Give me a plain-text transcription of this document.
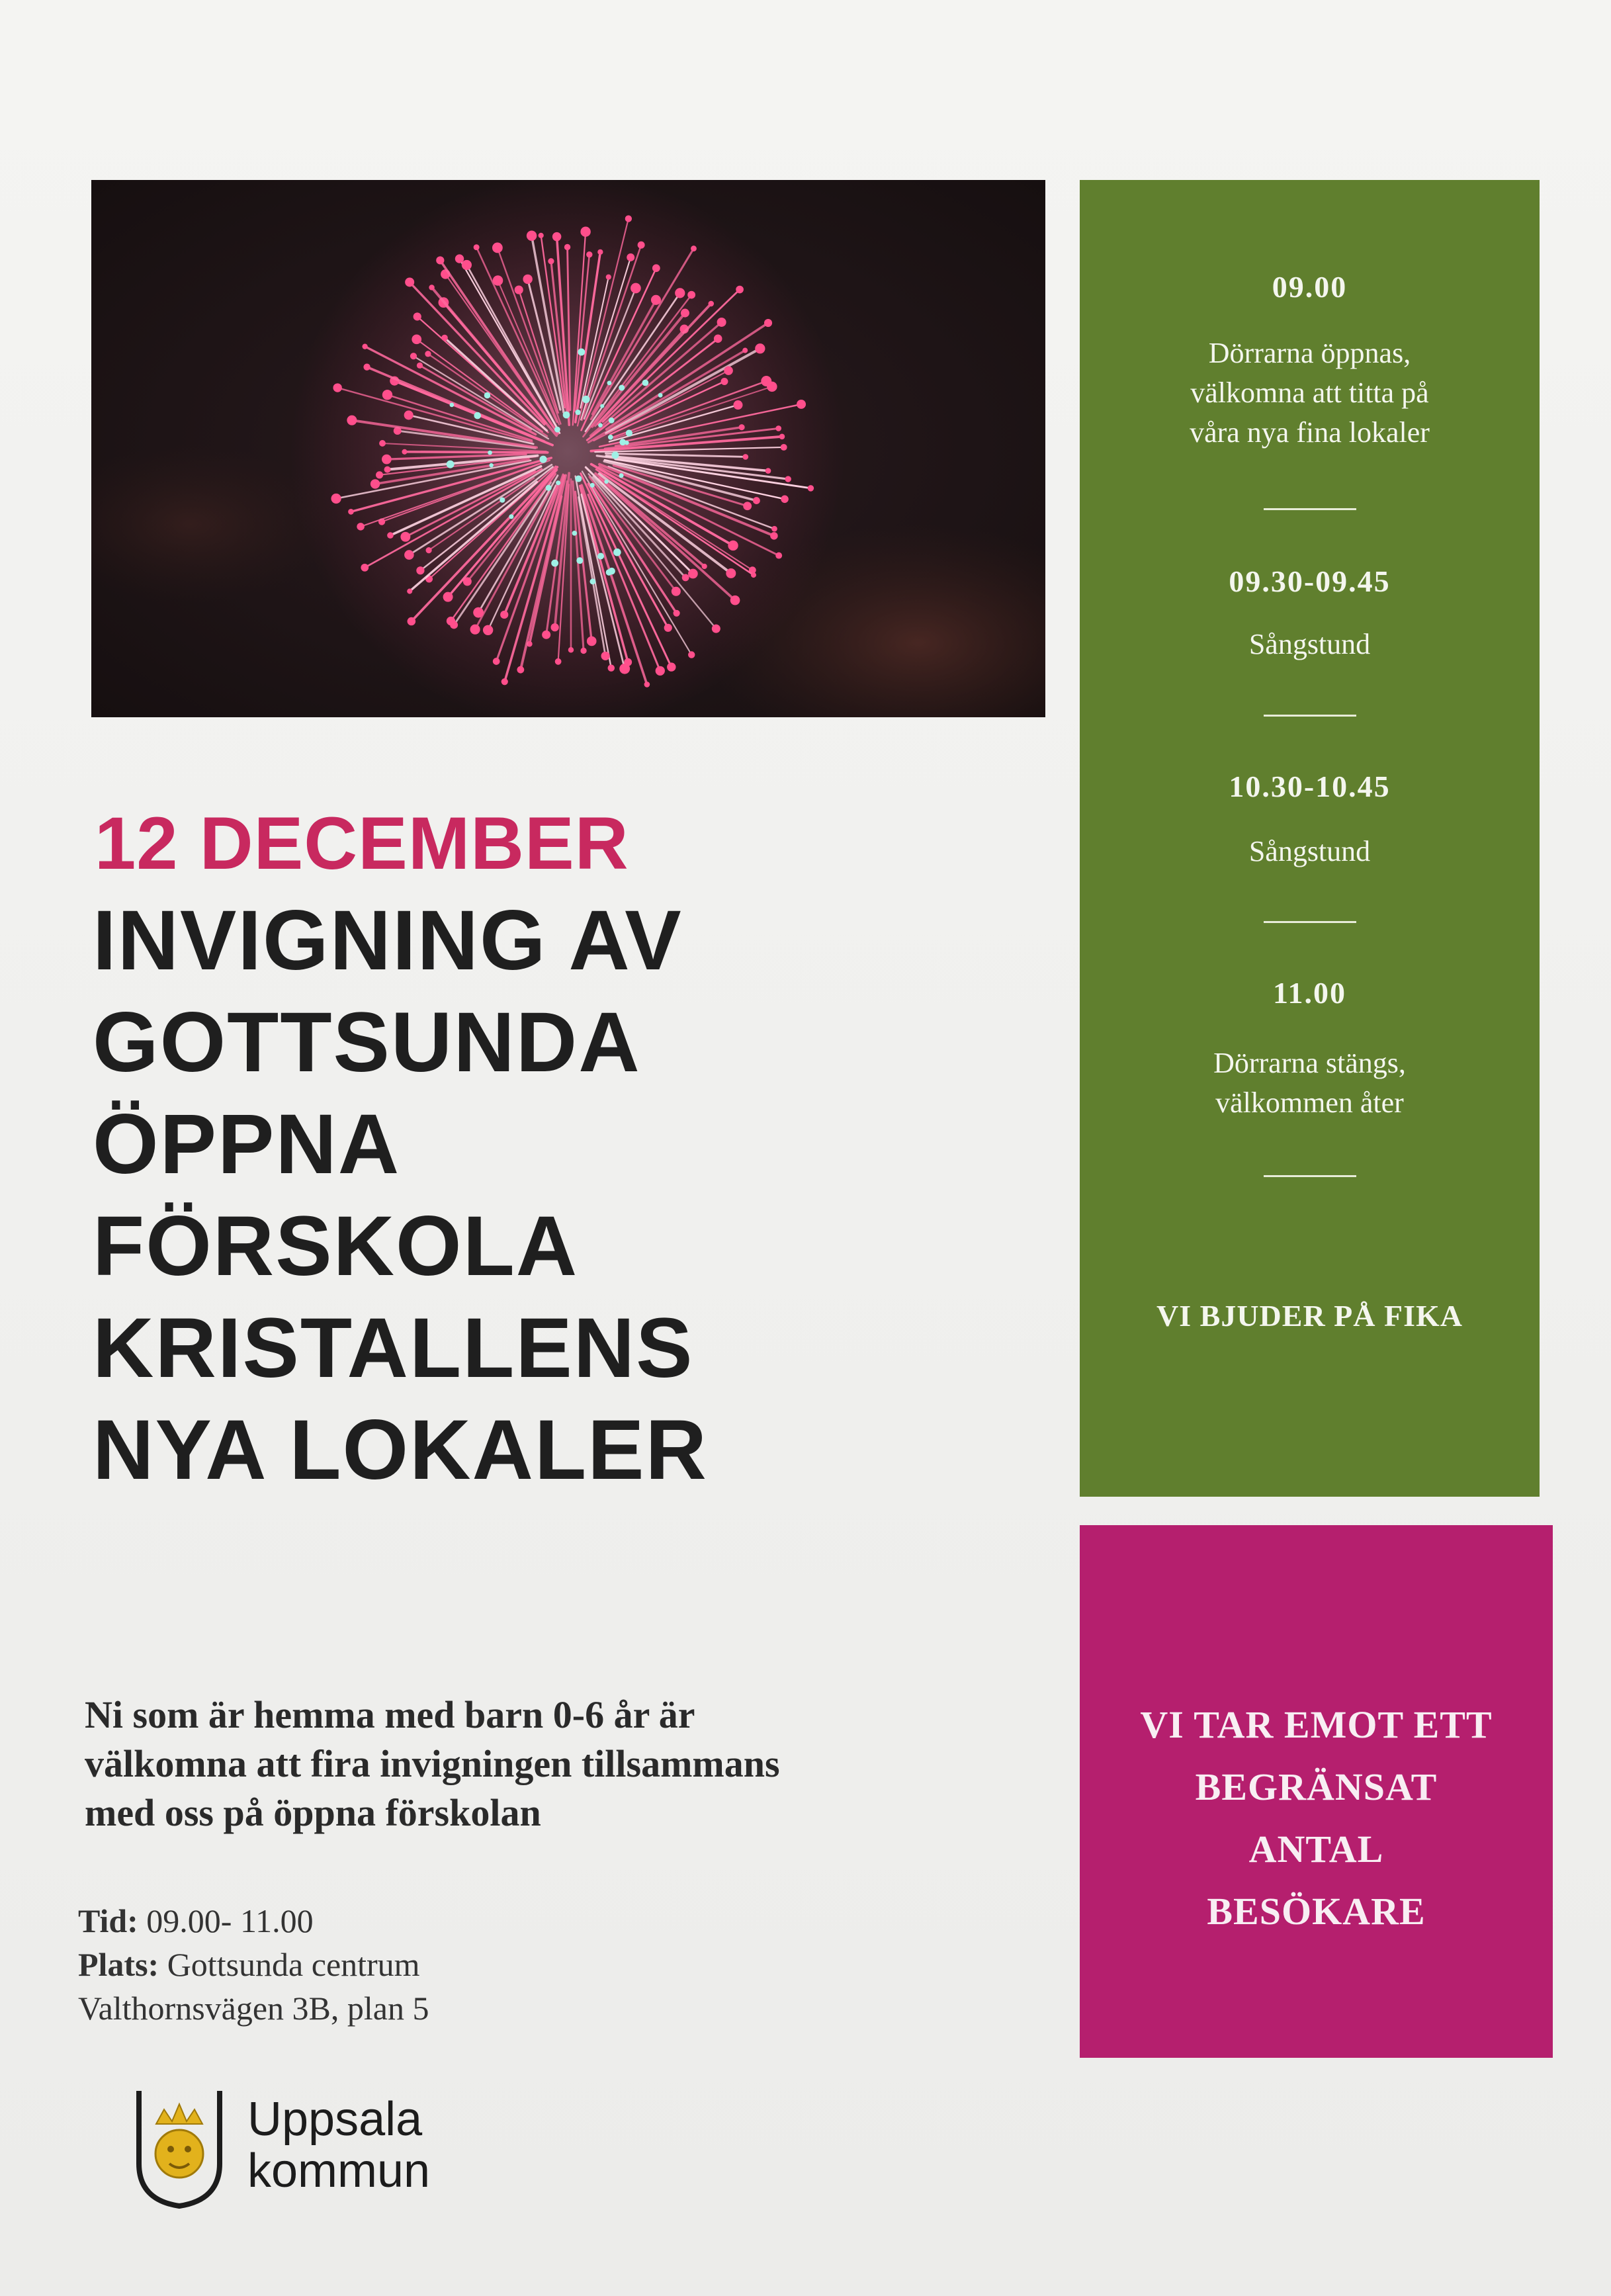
12 DECEMBER
INVIGNING AV
GOTTSUNDA
ÖPPNA
FÖRSKOLA
KRISTALLENS
NYA LOKALER
Ni som är hemma med barn 0-6 år är
välkomna att fira invigningen tillsammans
med oss på öppna förskolan
Tid: 09.00- 11.00
Plats: Gottsunda centrum
Valthornsvägen 3B, plan 5
Uppsala
kommun
09.00
Dörrarna öppnas,
välkomna att titta på
våra nya fina lokaler
09.30-09.45
Sångstund
10.30-10.45
Sångstund
11.00
Dörrarna stängs,
välkommen åter
VI BJUDER PÅ FIKA
VI TAR EMOT ETT
BEGRÄNSAT
ANTAL
BESÖKARE
